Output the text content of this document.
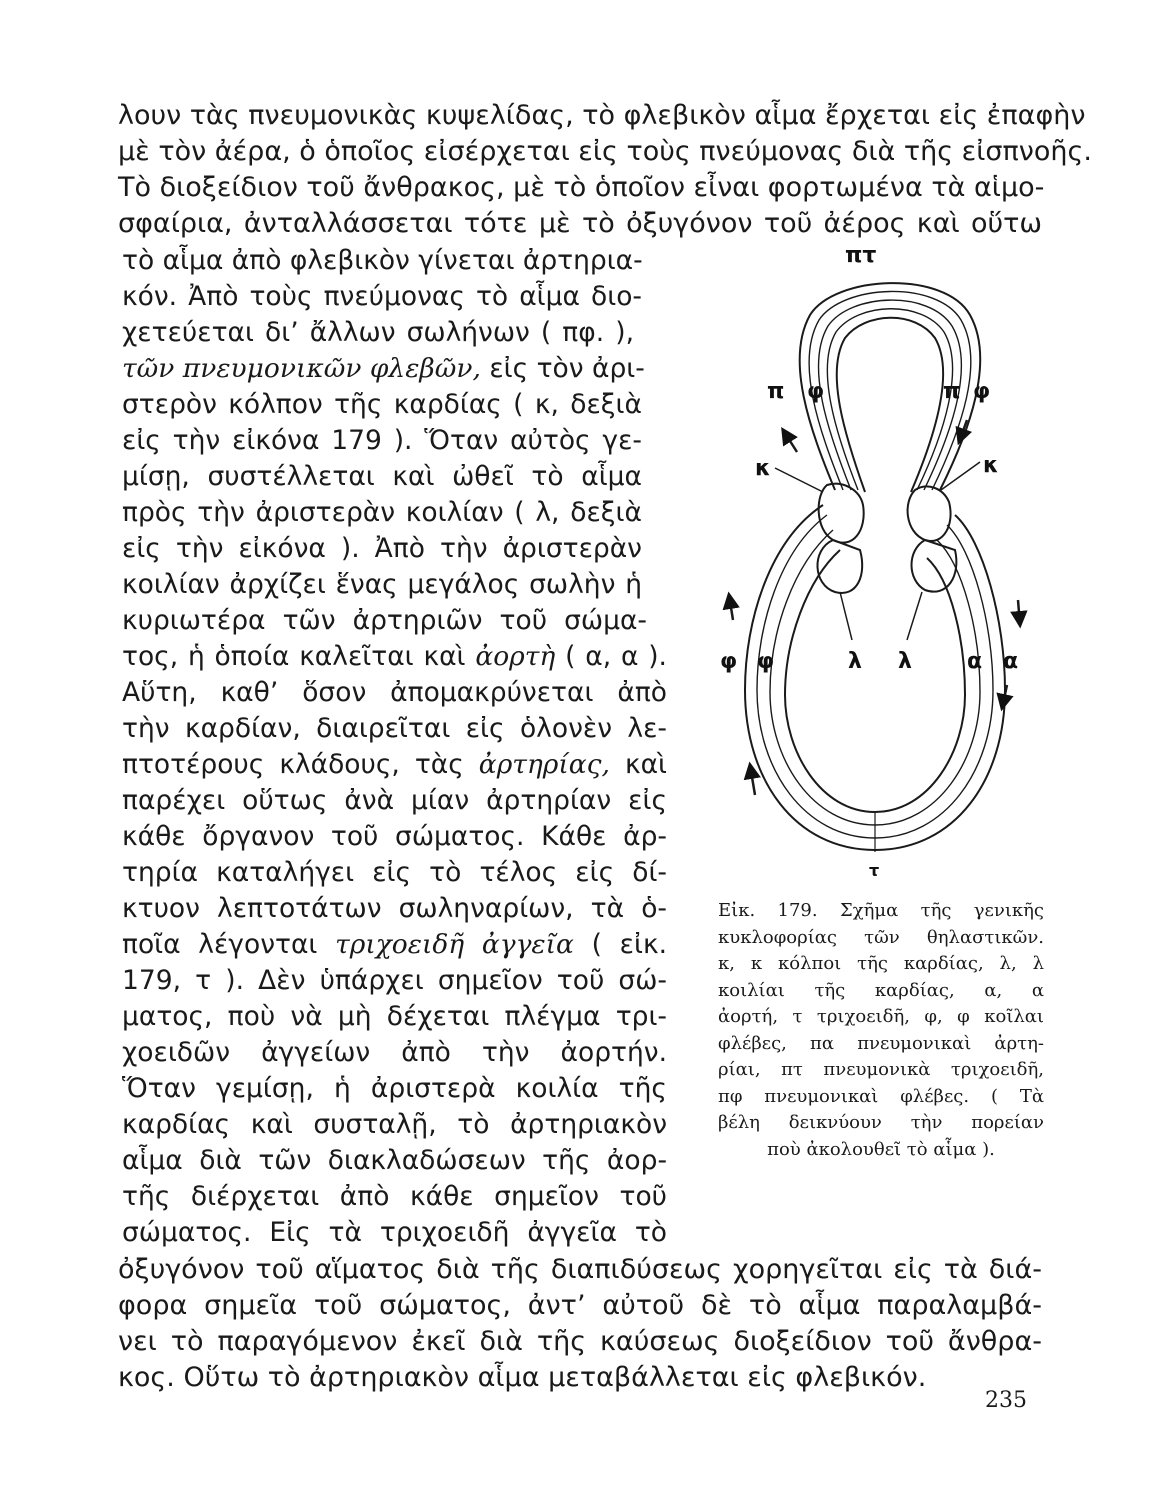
λουν τὰς πνευμονικὰς κυψελίδας, τὸ φλεβικὸν αἷμα ἔρχεται εἰς ἐπαφὴν
μὲ τὸν ἀέρα, ὁ ὁποῖος εἰσέρχεται εἰς τοὺς πνεύμονας διὰ τῆς εἰσπνοῆς.
Τὸ διοξείδιον τοῦ ἄνθρακος, μὲ τὸ ὁποῖον εἶναι φορτωμένα τὰ αἱμο-
σφαίρια, ἀνταλλάσσεται τότε μὲ τὸ ὀξυγόνον τοῦ ἀέρος καὶ οὕτω
τὸ αἷμα ἀπὸ φλεβικὸν γίνεται ἀρτηρια-
κόν. Ἀπὸ τοὺς πνεύμονας τὸ αἷμα διο-
χετεύεται δι’ ἄλλων σωλήνων ( πφ. ),
τῶν πνευμονικῶν φλεβῶν, εἰς τὸν ἀρι-
στερὸν κόλπον τῆς καρδίας ( κ, δεξιὰ
εἰς τὴν εἰκόνα 179 ). Ὅταν αὐτὸς γε-
μίσῃ, συστέλλεται καὶ ὠθεῖ τὸ αἷμα
πρὸς τὴν ἀριστερὰν κοιλίαν ( λ, δεξιὰ
εἰς τὴν εἰκόνα ). Ἀπὸ τὴν ἀριστερὰν
κοιλίαν ἀρχίζει ἕνας μεγάλος σωλὴν ἡ
κυριωτέρα τῶν ἀρτηριῶν τοῦ σώμα-
τος, ἡ ὁποία καλεῖται καὶ ἀορτὴ ( α, α ).
Αὕτη, καθ’ ὅσον ἀπομακρύνεται ἀπὸ
τὴν καρδίαν, διαιρεῖται εἰς ὁλονὲν λε-
πτοτέρους κλάδους, τὰς ἀρτηρίας, καὶ
παρέχει οὕτως ἀνὰ μίαν ἀρτηρίαν εἰς
κάθε ὄργανον τοῦ σώματος. Κάθε ἀρ-
τηρία καταλήγει εἰς τὸ τέλος εἰς δί-
κτυον λεπτοτάτων σωληναρίων, τὰ ὁ-
ποῖα λέγονται τριχοειδῆ ἀγγεῖα ( εἰκ.
179, τ ). Δὲν ὑπάρχει σημεῖον τοῦ σώ-
ματος, ποὺ νὰ μὴ δέχεται πλέγμα τρι-
χοειδῶν ἀγγείων ἀπὸ τὴν ἀορτήν.
Ὅταν γεμίσῃ, ἡ ἀριστερὰ κοιλία τῆς
καρδίας καὶ συσταλῇ, τὸ ἀρτηριακὸν
αἷμα διὰ τῶν διακλαδώσεων τῆς ἀορ-
τῆς διέρχεται ἀπὸ κάθε σημεῖον τοῦ
σώματος. Εἰς τὰ τριχοειδῆ ἀγγεῖα τὸ
ὀξυγόνον τοῦ αἵματος διὰ τῆς διαπιδύσεως χορηγεῖται εἰς τὰ διά-
φορα σημεῖα τοῦ σώματος, ἀντ’ αὐτοῦ δὲ τὸ αἷμα παραλαμβά-
νει τὸ παραγόμενον ἐκεῖ διὰ τῆς καύσεως διοξείδιον τοῦ ἄνθρα-
κος. Οὕτω τὸ ἀρτηριακὸν αἷμα μεταβάλλεται εἰς φλεβικόν.
πτ
π φ	π φ
κ	κ
φ φ	λ λ	α α
τ
Εἰκ. 179. Σχῆμα τῆς γενικῆς
κυκλοφορίας τῶν θηλαστικῶν.
κ, κ κόλποι τῆς καρδίας, λ, λ
κοιλίαι τῆς καρδίας, α, α
ἀορτή, τ τριχοειδῆ, φ, φ κοῖλαι
φλέβες, πα πνευμονικαὶ ἀρτη-
ρίαι, πτ πνευμονικὰ τριχοειδῆ,
πφ πνευμονικαὶ φλέβες. ( Τὰ
βέλη δεικνύουν τὴν πορείαν
ποὺ ἀκολουθεῖ τὸ αἷμα ).
235
